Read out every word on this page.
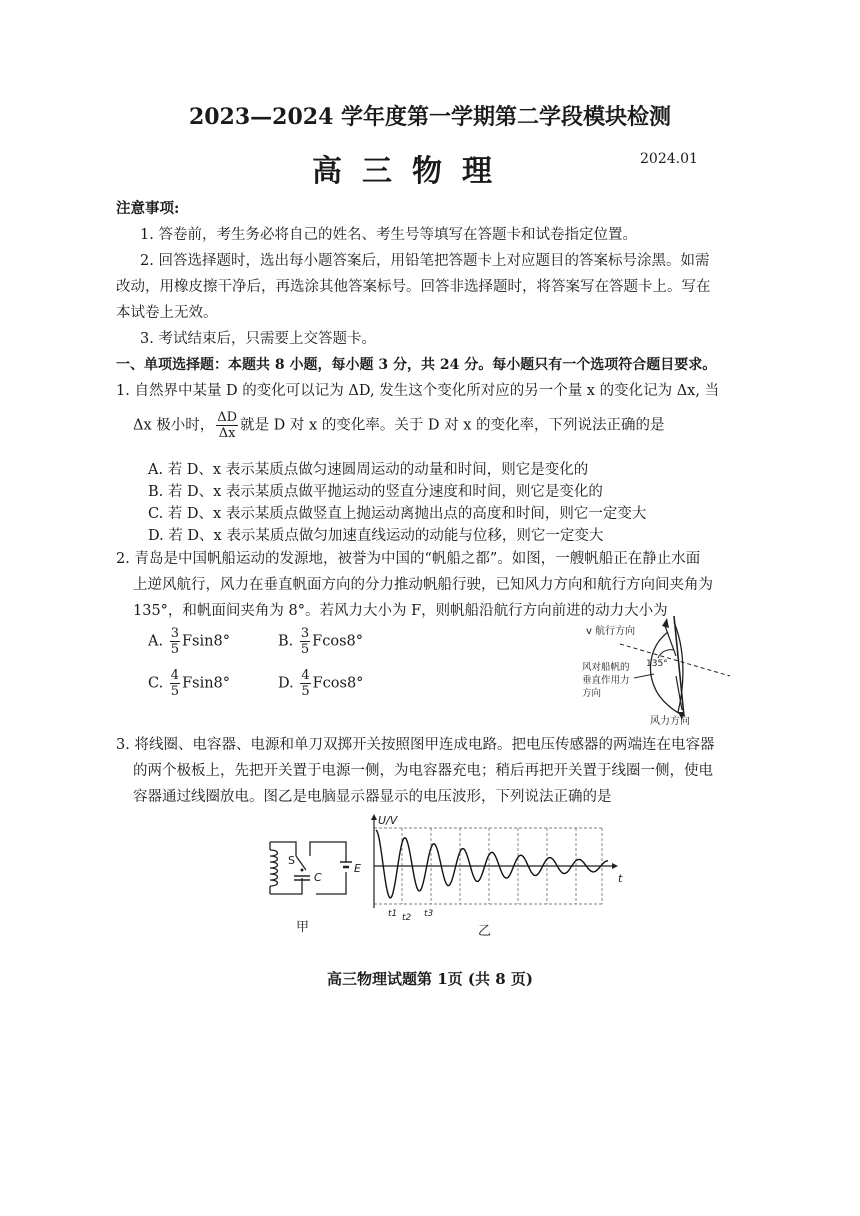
2023—2024 学年度第一学期第二学段模块检测
高三物理	2024.01
注意事项:
1. 答卷前，考生务必将自己的姓名、考生号等填写在答题卡和试卷指定位置。
2. 回答选择题时，选出每小题答案后，用铅笔把答题卡上对应题目的答案标号涂黑。如需
改动，用橡皮擦干净后，再选涂其他答案标号。回答非选择题时，将答案写在答题卡上。写在
本试卷上无效。
3. 考试结束后，只需要上交答题卡。
一、单项选择题：本题共 8 小题，每小题 3 分，共 24 分。每小题只有一个选项符合题目要求。
1. 自然界中某量 D 的变化可以记为 ΔD, 发生这个变化所对应的另一个量 x 的变化记为 Δx, 当
Δx 极小时， $\frac{\Delta D}{\Delta x}$ 就是 D 对 x 的变化率。关于 D 对 x 的变化率，下列说法正确的是
A. 若 D、x 表示某质点做匀速圆周运动的动量和时间，则它是变化的
B. 若 D、x 表示某质点做平抛运动的竖直分速度和时间，则它是变化的
C. 若 D、x 表示某质点做竖直上抛运动离抛出点的高度和时间，则它一定变大
D. 若 D、x 表示某质点做匀加速直线运动的动能与位移，则它一定变大
2. 青岛是中国帆船运动的发源地，被誉为中国的“帆船之都”。如图，一艘帆船正在静止水面
上逆风航行，风力在垂直帆面方向的分力推动帆船行驶，已知风力方向和航行方向间夹角为
135°，和帆面间夹角为 8°。若风力大小为 F，则帆船沿航行方向前进的动力大小为
A. $\frac{3}{5} Fsin8^\circ$	B. $\frac{3}{5} Fcos8^\circ$
C. $\frac{4}{5} Fsin8^\circ$	D. $\frac{4}{5} Fcos8^\circ$
v 航行方向
135°
风对船帆的
垂直作用力
方向
风力方向
3. 将线圈、电容器、电源和单刀双掷开关按照图甲连成电路。把电压传感器的两端连在电容器
的两个极板上，先把开关置于电源一侧，为电容器充电；稍后再把开关置于线圈一侧，使电
容器通过线圈放电。图乙是电脑显示器显示的电压波形，下列说法正确的是
S
C
E
甲
U/V
t
t1 t2 t3
乙
高三物理试题第 1页 (共 8 页)
